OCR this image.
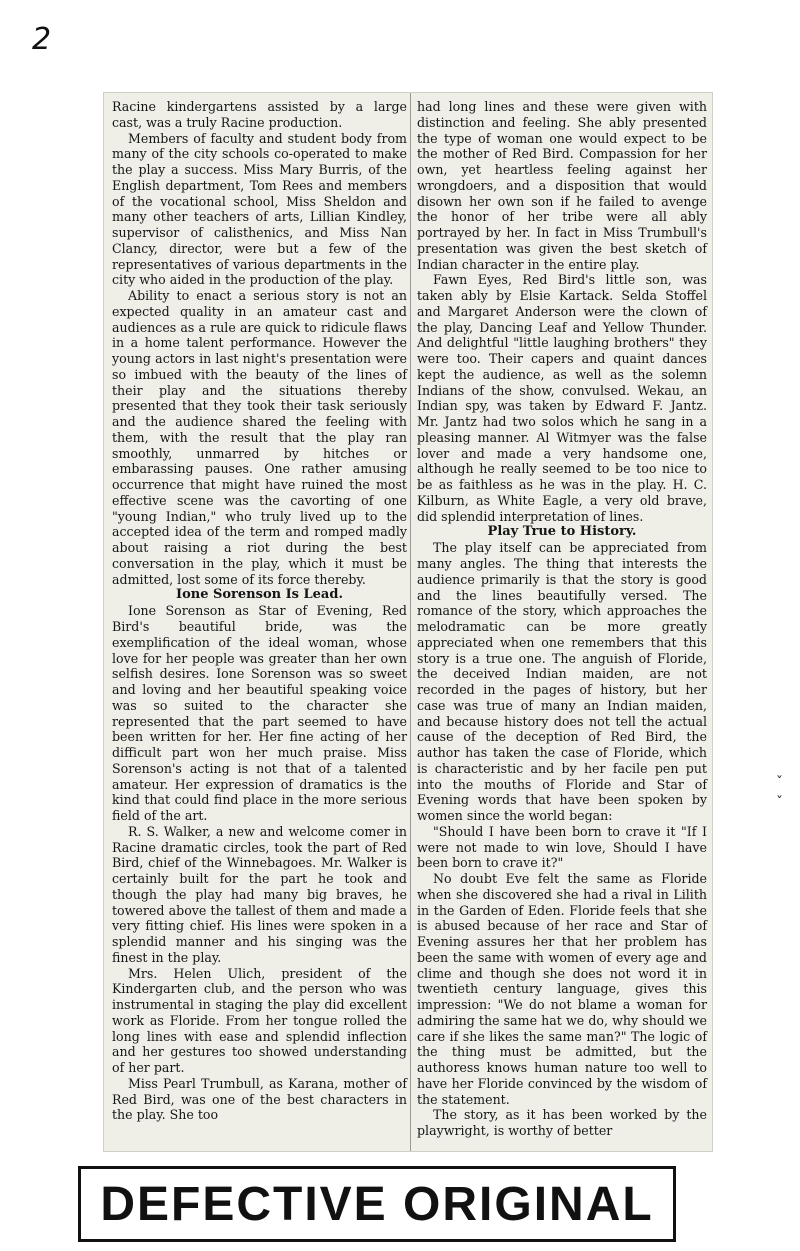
2

Racine kindergartens assisted by a large cast, was a truly Racine production.

Members of faculty and student body from many of the city schools co-operated to make the play a success. Miss Mary Burris, of the English department, Tom Rees and members of the vocational school, Miss Sheldon and many other teachers of arts, Lillian Kindley, supervisor of calisthenics, and Miss Nan Clancy, director, were but a few of the representatives of various departments in the city who aided in the production of the play.

Ability to enact a serious story is not an expected quality in an amateur cast and audiences as a rule are quick to ridicule flaws in a home talent performance. However the young actors in last night's presentation were so imbued with the beauty of the lines of their play and the situations thereby presented that they took their task seriously and the audience shared the feeling with them, with the result that the play ran smoothly, unmarred by hitches or embarassing pauses. One rather amusing occurrence that might have ruined the most effective scene was the cavorting of one "young Indian," who truly lived up to the accepted idea of the term and romped madly about raising a riot during the best conversation in the play, which it must be admitted, lost some of its force thereby.

Ione Sorenson Is Lead.

Ione Sorenson as Star of Evening, Red Bird's beautiful bride, was the exemplification of the ideal woman, whose love for her people was greater than her own selfish desires. Ione Sorenson was so sweet and loving and her beautiful speaking voice was so suited to the character she represented that the part seemed to have been written for her. Her fine acting of her difficult part won her much praise. Miss Sorenson's acting is not that of a talented amateur. Her expression of dramatics is the kind that could find place in the more serious field of the art.

R. S. Walker, a new and welcome comer in Racine dramatic circles, took the part of Red Bird, chief of the Winnebagoes. Mr. Walker is certainly built for the part he took and though the play had many big braves, he towered above the tallest of them and made a very fitting chief. His lines were spoken in a splendid manner and his singing was the finest in the play.

Mrs. Helen Ulich, president of the Kindergarten club, and the person who was instrumental in staging the play did excellent work as Floride. From her tongue rolled the long lines with ease and splendid inflection and her gestures too showed understanding of her part.

Miss Pearl Trumbull, as Karana, mother of Red Bird, was one of the best characters in the play. She too

had long lines and these were given with distinction and feeling. She ably presented the type of woman one would expect to be the mother of Red Bird. Compassion for her own, yet heartless feeling against her wrongdoers, and a disposition that would disown her own son if he failed to avenge the honor of her tribe were all ably portrayed by her. In fact in Miss Trumbull's presentation was given the best sketch of Indian character in the entire play.

Fawn Eyes, Red Bird's little son, was taken ably by Elsie Kartack. Selda Stoffel and Margaret Anderson were the clown of the play, Dancing Leaf and Yellow Thunder. And delightful "little laughing brothers" they were too. Their capers and quaint dances kept the audience, as well as the solemn Indians of the show, convulsed. Wekau, an Indian spy, was taken by Edward F. Jantz. Mr. Jantz had two solos which he sang in a pleasing manner. Al Witmyer was the false lover and made a very handsome one, although he really seemed to be too nice to be as faithless as he was in the play. H. C. Kilburn, as White Eagle, a very old brave, did splendid interpretation of lines.

Play True to History.

The play itself can be appreciated from many angles. The thing that interests the audience primarily is that the story is good and the lines beautifully versed. The romance of the story, which approaches the melodramatic can be more greatly appreciated when one remembers that this story is a true one. The anguish of Floride, the deceived Indian maiden, are not recorded in the pages of history, but her case was true of many an Indian maiden, and because history does not tell the actual cause of the deception of Red Bird, the author has taken the case of Floride, which is characteristic and by her facile pen put into the mouths of Floride and Star of Evening words that have been spoken by women since the world began:

"Should I have been born to crave it "If I were not made to win love, Should I have been born to crave it?"

No doubt Eve felt the same as Floride when she discovered she had a rival in Lilith in the Garden of Eden. Floride feels that she is abused because of her race and Star of Evening assures her that her problem has been the same with women of every age and clime and though she does not word it in twentieth century language, gives this impression: "We do not blame a woman for admiring the same hat we do, why should we care if she likes the same man?" The logic of the thing must be admitted, but the authoress knows human nature too well to have her Floride convinced by the wisdom of the statement.

The story, as it has been worked by the playwright, is worthy of better

ˇ
ˇ
DEFECTIVE ORIGINAL
